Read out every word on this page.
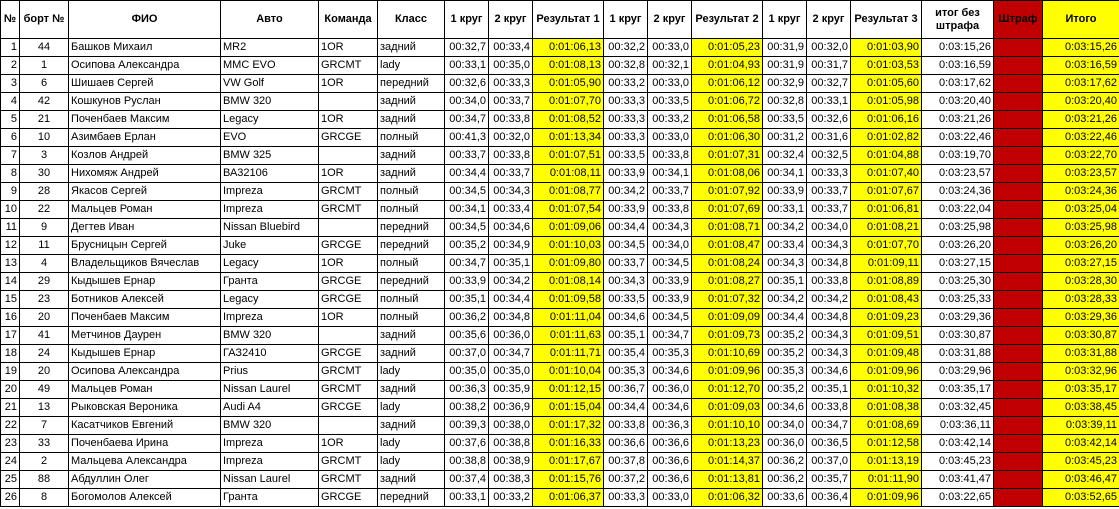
№	борт №	ФИО	Авто	Команда	Класс	1 круг	2 круг	Результат 1	1 круг	2 круг	Результат 2	1 круг	2 круг	Результат 3	итог без штрафа	Штраф	Итого
1	44	Башков Михаил	MR2	1OR	задний	00:32,7	00:33,4	0:01:06,13	00:32,2	00:33,0	0:01:05,23	00:31,9	00:32,0	0:01:03,90	0:03:15,26		0:03:15,26
2	1	Осипова Александра	MMC EVO	GRCMT	lady	00:33,1	00:35,0	0:01:08,13	00:32,8	00:32,1	0:01:04,93	00:31,9	00:31,7	0:01:03,53	0:03:16,59		0:03:16,59
3	6	Шишаев Сергей	VW Golf	1OR	передний	00:32,6	00:33,3	0:01:05,90	00:33,2	00:33,0	0:01:06,12	00:32,9	00:32,7	0:01:05,60	0:03:17,62		0:03:17,62
4	42	Кошкунов Руслан	BMW 320		задний	00:34,0	00:33,7	0:01:07,70	00:33,3	00:33,5	0:01:06,72	00:32,8	00:33,1	0:01:05,98	0:03:20,40	00:00,0	0:03:20,40
5	21	Поченбаев Максим	Legacy	1OR	задний	00:34,7	00:33,8	0:01:08,52	00:33,3	00:33,2	0:01:06,58	00:33,5	00:32,6	0:01:06,16	0:03:21,26	00:00,0	0:03:21,26
6	10	Азимбаев Ерлан	EVO	GRCGE	полный	00:41,3	00:32,0	0:01:13,34	00:33,3	00:33,0	0:01:06,30	00:31,2	00:31,6	0:01:02,82	0:03:22,46		0:03:22,46
7	3	Козлов Андрей	BMW 325		задний	00:33,7	00:33,8	0:01:07,51	00:33,5	00:33,8	0:01:07,31	00:32,4	00:32,5	0:01:04,88	0:03:19,70	00:03,0	0:03:22,70
8	30	Нихомяж Андрей	ВА32106	1OR	задний	00:34,4	00:33,7	0:01:08,11	00:33,9	00:34,1	0:01:08,06	00:34,1	00:33,3	0:01:07,40	0:03:23,57	00:00,0	0:03:23,57
9	28	Якасов Сергей	Impreza	GRCMT	полный	00:34,5	00:34,3	0:01:08,77	00:34,2	00:33,7	0:01:07,92	00:33,9	00:33,7	0:01:07,67	0:03:24,36		0:03:24,36
10	22	Мальцев Роман	Impreza	GRCMT	полный	00:34,1	00:33,4	0:01:07,54	00:33,9	00:33,8	0:01:07,69	00:33,1	00:33,7	0:01:06,81	0:03:22,04	00:03,0	0:03:25,04
11	9	Дегтев Иван	Nissan Bluebird		передний	00:34,5	00:34,6	0:01:09,06	00:34,4	00:34,3	0:01:08,71	00:34,2	00:34,0	0:01:08,21	0:03:25,98	00:00,0	0:03:25,98
12	11	Брусницын Сергей	Juke	GRCGE	передний	00:35,2	00:34,9	0:01:10,03	00:34,5	00:34,0	0:01:08,47	00:33,4	00:34,3	0:01:07,70	0:03:26,20	00:00,0	0:03:26,20
13	4	Владельщиков Вячеслав	Legacy	1OR	полный	00:34,7	00:35,1	0:01:09,80	00:33,7	00:34,5	0:01:08,24	00:34,3	00:34,8	0:01:09,11	0:03:27,15	00:00,0	0:03:27,15
14	29	Кыдышев Ернар	Гранта	GRCGE	передний	00:33,9	00:34,2	0:01:08,14	00:34,3	00:33,9	0:01:08,27	00:35,1	00:33,8	0:01:08,89	0:03:25,30	00:03,0	0:03:28,30
15	23	Ботников Алексей	Legacy	GRCGE	полный	00:35,1	00:34,4	0:01:09,58	00:33,5	00:33,9	0:01:07,32	00:34,2	00:34,2	0:01:08,43	0:03:25,33	00:03,0	0:03:28,33
16	20	Поченбаев Максим	Impreza	1OR	полный	00:36,2	00:34,8	0:01:11,04	00:34,6	00:34,5	0:01:09,09	00:34,4	00:34,8	0:01:09,23	0:03:29,36	00:00,0	0:03:29,36
17	41	Метчинов Даурен	BMW 320		задний	00:35,6	00:36,0	0:01:11,63	00:35,1	00:34,7	0:01:09,73	00:35,2	00:34,3	0:01:09,51	0:03:30,87	00:00,0	0:03:30,87
18	24	Кыдышев Ернар	ГАЗ2410	GRCGE	задний	00:37,0	00:34,7	0:01:11,71	00:35,4	00:35,3	0:01:10,69	00:35,2	00:34,3	0:01:09,48	0:03:31,88	00:00,0	0:03:31,88
19	20	Осипова Александра	Prius	GRCMT	lady	00:35,0	00:35,0	0:01:10,04	00:35,3	00:34,6	0:01:09,96	00:35,3	00:34,6	0:01:09,96	0:03:29,96	00:03,0	0:03:32,96
20	49	Мальцев Роман	Nissan Laurel	GRCMT	задний	00:36,3	00:35,9	0:01:12,15	00:36,7	00:36,0	0:01:12,70	00:35,2	00:35,1	0:01:10,32	0:03:35,17	00:00,0	0:03:35,17
21	13	Рыковская Вероника	Audi A4	GRCGE	lady	00:38,2	00:36,9	0:01:15,04	00:34,4	00:34,6	0:01:09,03	00:34,6	00:33,8	0:01:08,38	0:03:32,45	00:06,0	0:03:38,45
22	7	Касатчиков Евгений	BMW 320		задний	00:39,3	00:38,0	0:01:17,32	00:33,8	00:36,3	0:01:10,10	00:34,0	00:34,7	0:01:08,69	0:03:36,11	00:03,0	0:03:39,11
23	33	Поченбаева Ирина	Impreza	1OR	lady	00:37,6	00:38,8	0:01:16,33	00:36,6	00:36,6	0:01:13,23	00:36,0	00:36,5	0:01:12,58	0:03:42,14	00:00,0	0:03:42,14
24	2	Мальцева Александра	Impreza	GRCMT	lady	00:38,8	00:38,9	0:01:17,67	00:37,8	00:36,6	0:01:14,37	00:36,2	00:37,0	0:01:13,19	0:03:45,23	00:00,0	0:03:45,23
25	88	Абдуллин Олег	Nissan Laurel	GRCMT	задний	00:37,4	00:38,3	0:01:15,76	00:37,2	00:36,6	0:01:13,81	00:36,2	00:35,7	0:01:11,90	0:03:41,47	00:05,0	0:03:46,47
26	8	Богомолов Алексей	Гранта	GRCGE	передний	00:33,1	00:33,2	0:01:06,37	00:33,3	00:33,0	0:01:06,32	00:33,6	00:36,4	0:01:09,96	0:03:22,65	00:30,0	0:03:52,65
